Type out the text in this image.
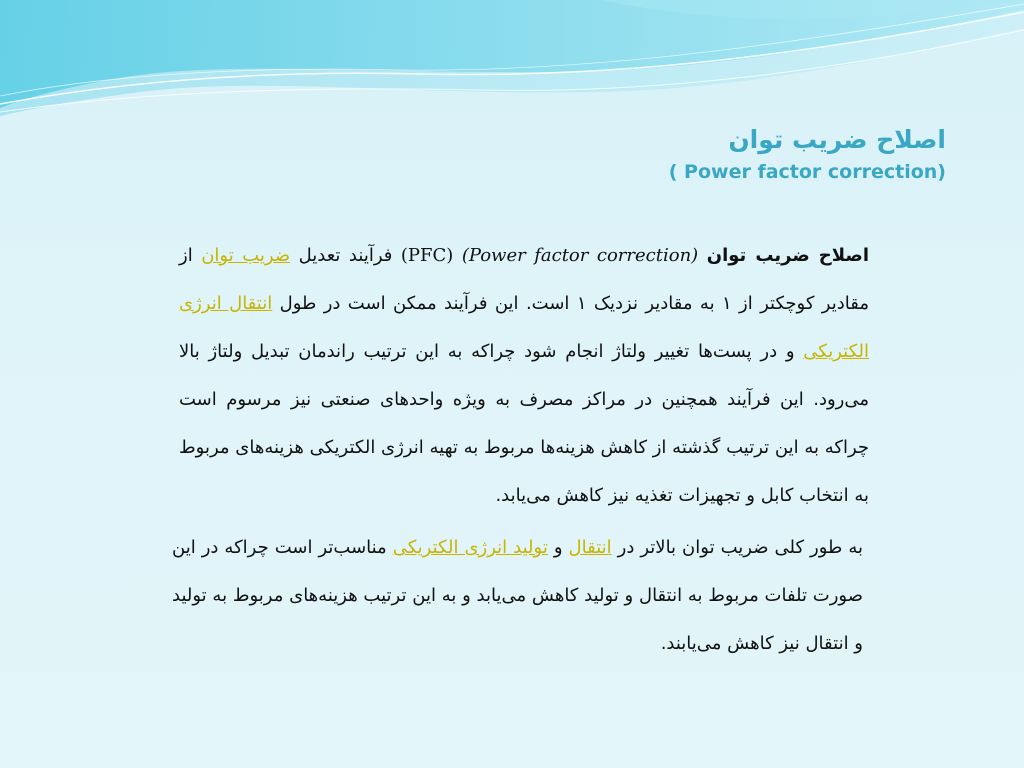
اصلاح ضریب توان
( Power factor correction)

اصلاح ضریب توان (PFC) (Power factor correction) فرآیند تعدیل ضریب توان از مقادیر کوچکتر از ۱ به مقادیر نزدیک ۱ است. این فرآیند ممکن است در طول انتقال انرژی الکتریکی و در پست‌ها تغییر ولتاژ انجام شود چراکه به این ترتیب راندمان تبدیل ولتاژ بالا می‌رود. این فرآیند همچنین در مراکز مصرف به ویژه واحدهای صنعتی نیز مرسوم است چراکه به این ترتیب گذشته از کاهش هزینه‌ها مربوط به تهیه انرژی الکتریکی هزینه‌های مربوط به انتخاب کابل و تجهیزات تغذیه نیز کاهش می‌یابد.

به طور کلی ضریب توان بالاتر در انتقال و تولید انرژی الکتریکی مناسب‌تر است چراکه در این صورت تلفات مربوط به انتقال و تولید کاهش می‌یابد و به این ترتیب هزینه‌های مربوط به تولید و انتقال نیز کاهش می‌یابند.
